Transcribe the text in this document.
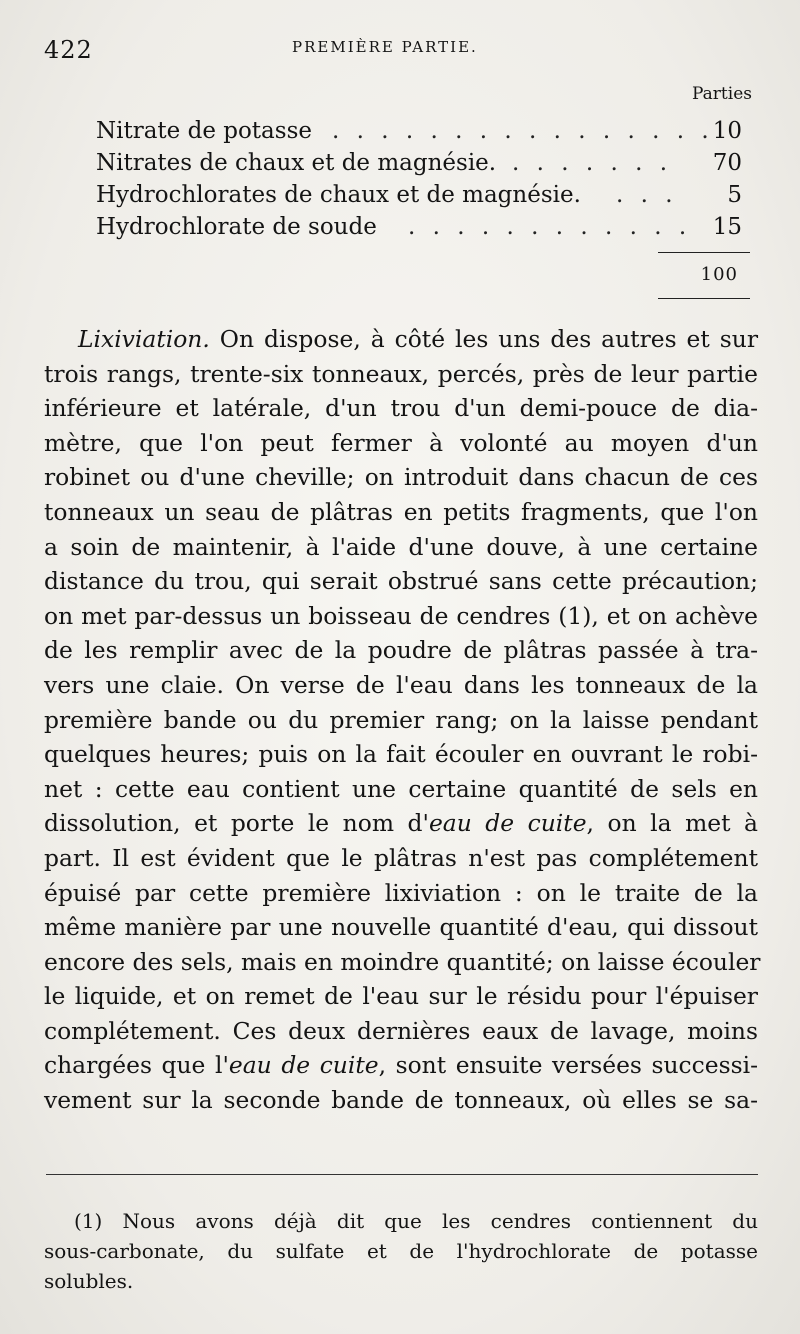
422	PREMIÈRE PARTIE.
Parties
Nitrate de potasse . . . . . . . . . . . . . . . . 10
Nitrates de chaux et de magnésie. . . . . . . .	70
Hydrochlorates de chaux et de magnésie. . . .	5
Hydrochlorate de soude . . . . . . . . . . . . 15
100
Lixiviation. On dispose, à côté les uns des autres et sur
trois rangs, trente-six tonneaux, percés, près de leur partie
inférieure et latérale, d'un trou d'un demi-pouce de dia-
mètre, que l'on peut fermer à volonté au moyen d'un
robinet ou d'une cheville; on introduit dans chacun de ces
tonneaux un seau de plâtras en petits fragments, que l'on
a soin de maintenir, à l'aide d'une douve, à une certaine
distance du trou, qui serait obstrué sans cette précaution;
on met par-dessus un boisseau de cendres (1), et on achève
de les remplir avec de la poudre de plâtras passée à tra-
vers une claie. On verse de l'eau dans les tonneaux de la
première bande ou du premier rang; on la laisse pendant
quelques heures; puis on la fait écouler en ouvrant le robi-
net : cette eau contient une certaine quantité de sels en
dissolution, et porte le nom d'eau de cuite, on la met à
part. Il est évident que le plâtras n'est pas complétement
épuisé par cette première lixiviation : on le traite de la
même manière par une nouvelle quantité d'eau, qui dissout
encore des sels, mais en moindre quantité; on laisse écouler
le liquide, et on remet de l'eau sur le résidu pour l'épuiser
complétement. Ces deux dernières eaux de lavage, moins
chargées que l'eau de cuite, sont ensuite versées successi-
vement sur la seconde bande de tonneaux, où elles se sa-
(1) Nous avons déjà dit que les cendres contiennent du
sous-carbonate, du sulfate et de l'hydrochlorate de potasse
solubles.
